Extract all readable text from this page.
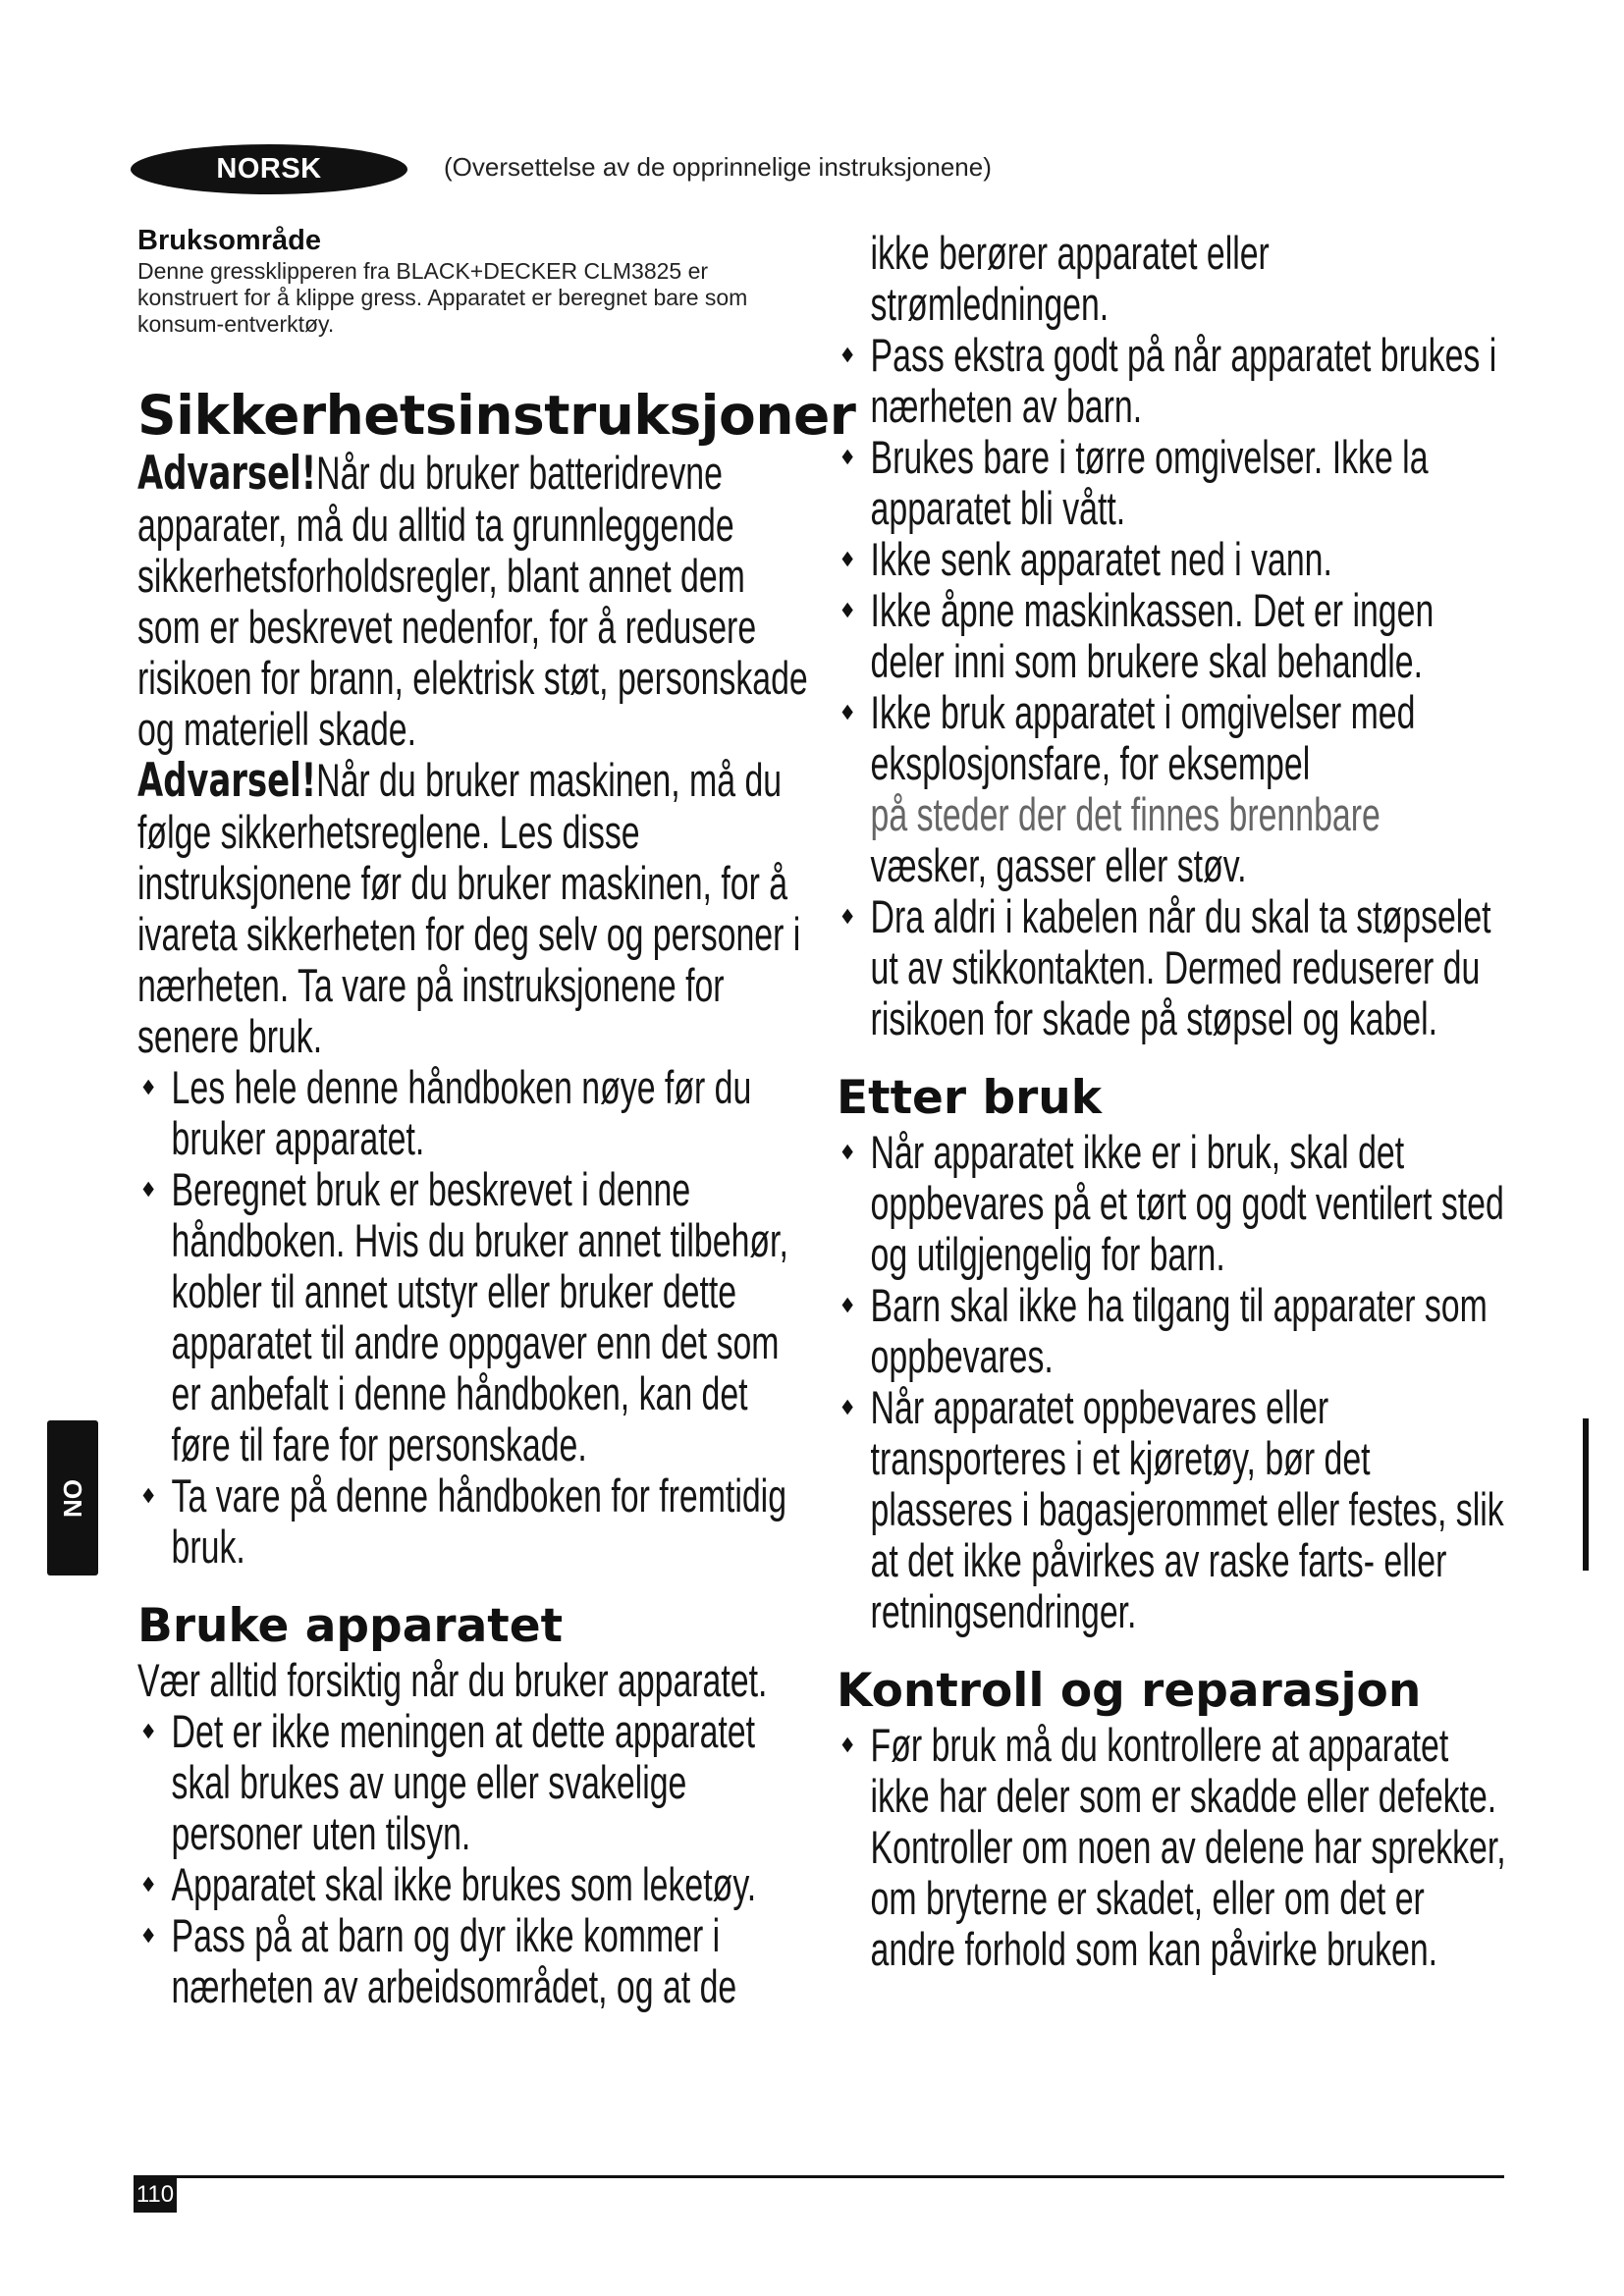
NORSK	(Oversettelse av de opprinnelige instruksjonene)

Bruksområde

Denne gressklipperen fra BLACK+DECKER CLM3825 er konstruert for å klippe gress. Apparatet er beregnet bare som konsum-entverktøy.

Sikkerhetsinstruksjoner

Advarsel!Når du bruker batteridrevne apparater, må du alltid ta grunnleggende sikkerhetsforholdsregler, blant annet dem som er beskrevet nedenfor, for å redusere risikoen for brann, elektrisk støt, personskade og materiell skade.

Advarsel!Når du bruker maskinen, må du følge sikkerhetsreglene. Les disse instruksjonene før du bruker maskinen, for å ivareta sikkerheten for deg selv og personer i nærheten. Ta vare på instruksjonene for senere bruk.

Les hele denne håndboken nøye før du bruker apparatet.
Beregnet bruk er beskrevet i denne håndboken. Hvis du bruker annet tilbehør, kobler til annet utstyr eller bruker dette apparatet til andre oppgaver enn det som er anbefalt i denne håndboken, kan det føre til fare for personskade.
Ta vare på denne håndboken for fremtidig bruk.
Bruke apparatet

Vær alltid forsiktig når du bruker apparatet.

Det er ikke meningen at dette apparatet skal brukes av unge eller svakelige personer uten tilsyn.
Apparatet skal ikke brukes som leketøy.
Pass på at barn og dyr ikke kommer i nærheten av arbeidsområdet, og at de
ikke berører apparatet eller strømledningen.
Pass ekstra godt på når apparatet brukes i nærheten av barn.
Brukes bare i tørre omgivelser. Ikke la apparatet bli vått.
Ikke senk apparatet ned i vann.
Ikke åpne maskinkassen. Det er ingen deler inni som brukere skal behandle.
Ikke bruk apparatet i omgivelser med eksplosjonsfare, for eksempel
på steder der det finnes brennbare
væsker, gasser eller støv.
Dra aldri i kabelen når du skal ta støpselet ut av stikkontakten. Dermed reduserer du risikoen for skade på støpsel og kabel.
Etter bruk
Når apparatet ikke er i bruk, skal det oppbevares på et tørt og godt ventilert sted og utilgjengelig for barn.
Barn skal ikke ha tilgang til apparater som oppbevares.
Når apparatet oppbevares eller transporteres i et kjøretøy, bør det plasseres i bagasjerommet eller festes, slik at det ikke påvirkes av raske farts- eller retningsendringer.
Kontroll og reparasjon
Før bruk må du kontrollere at apparatet ikke har deler som er skadde eller defekte. Kontroller om noen av delene har sprekker, om bryterne er skadet, eller om det er andre forhold som kan påvirke bruken.
NO
110
